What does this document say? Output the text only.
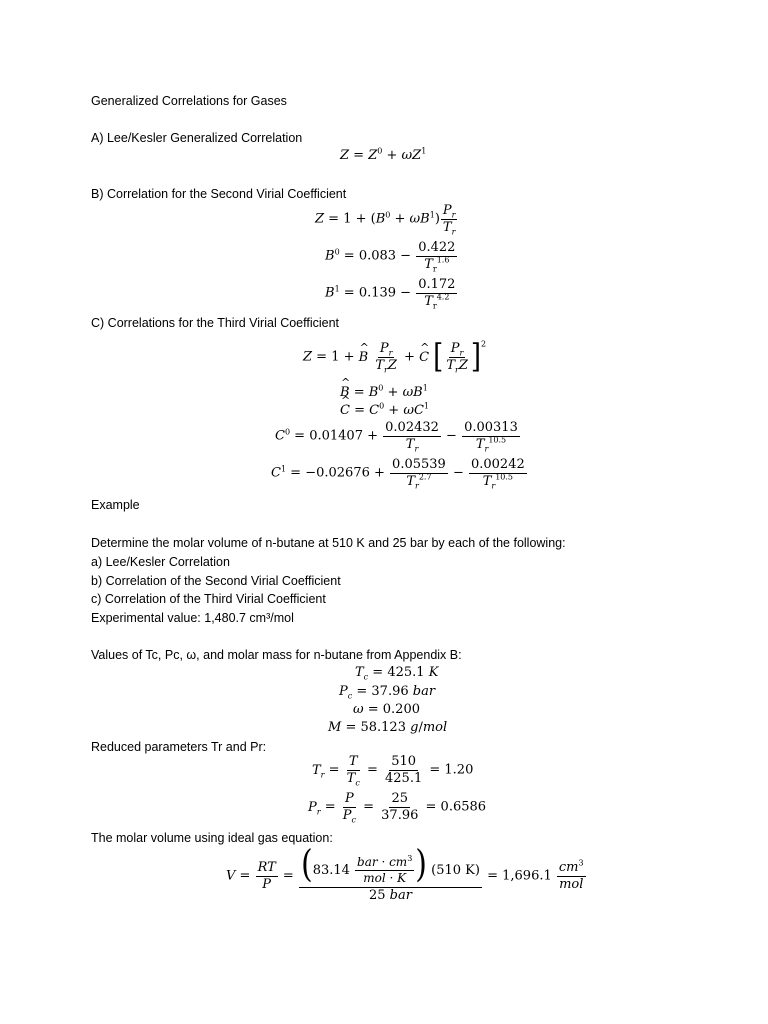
Generalized Correlations for Gases
A) Lee/Kesler Generalized Correlation
$Z = Z^0 + \omega Z^1$
B) Correlation for the Second Virial Coefficient
$Z = 1 + (B^0 + \omega B^1) \frac{P_r}{T_r}$
$B^0 = 0.083 - \frac{0.422}{T_r^{1.6}}$
$B^1 = 0.139 - \frac{0.172}{T_r^{4.2}}$
C) Correlations for the Third Virial Coefficient
Z = 1 + ^ B $\frac{P_r}{T_rZ}$ + ^ C [ $\frac{P_r}{T_rZ}$ ] $^2$
^ $B = B^0 + \omega B^1$
^ $C = C^0 + \omega C^1$
$C^0 = 0.01407 + \frac{0.02432}{T_r} - \frac{0.00313}{T_r^{10.5}}$
$C^1 = -0.02676 + \frac{0.05539}{T_r^{2.7}} - \frac{0.00242}{T_r^{10.5}}$
Example
Determine the molar volume of n-butane at 510 K and 25 bar by each of the following:
a) Lee/Kesler Correlation
b) Correlation of the Second Virial Coefficient
c) Correlation of the Third Virial Coefficient
Experimental value: 1,480.7 cm³/mol
Values of Tc, Pc, ω, and molar mass for n-butane from Appendix B:
$T_c = 425.1$ K
$P_c = 37.96$ bar
ω = 0.200
M = 58.123 g/mol
Reduced parameters Tr and Pr:
$T_r = \frac{T}{T_c} = \frac{510}{425.1} = 1.20$
$P_r = \frac{P}{P_c} = \frac{25}{37.96} = 0.6586$
The molar volume using ideal gas equation:
$V = \frac{RT}{P} = \frac{(83.14 \frac{bar \cdot cm^3}{\text{mol · K}} ) (510 K)}{\text{25 bar}} = 1,696.1 \frac{cm^3}{\text{mol}}$
